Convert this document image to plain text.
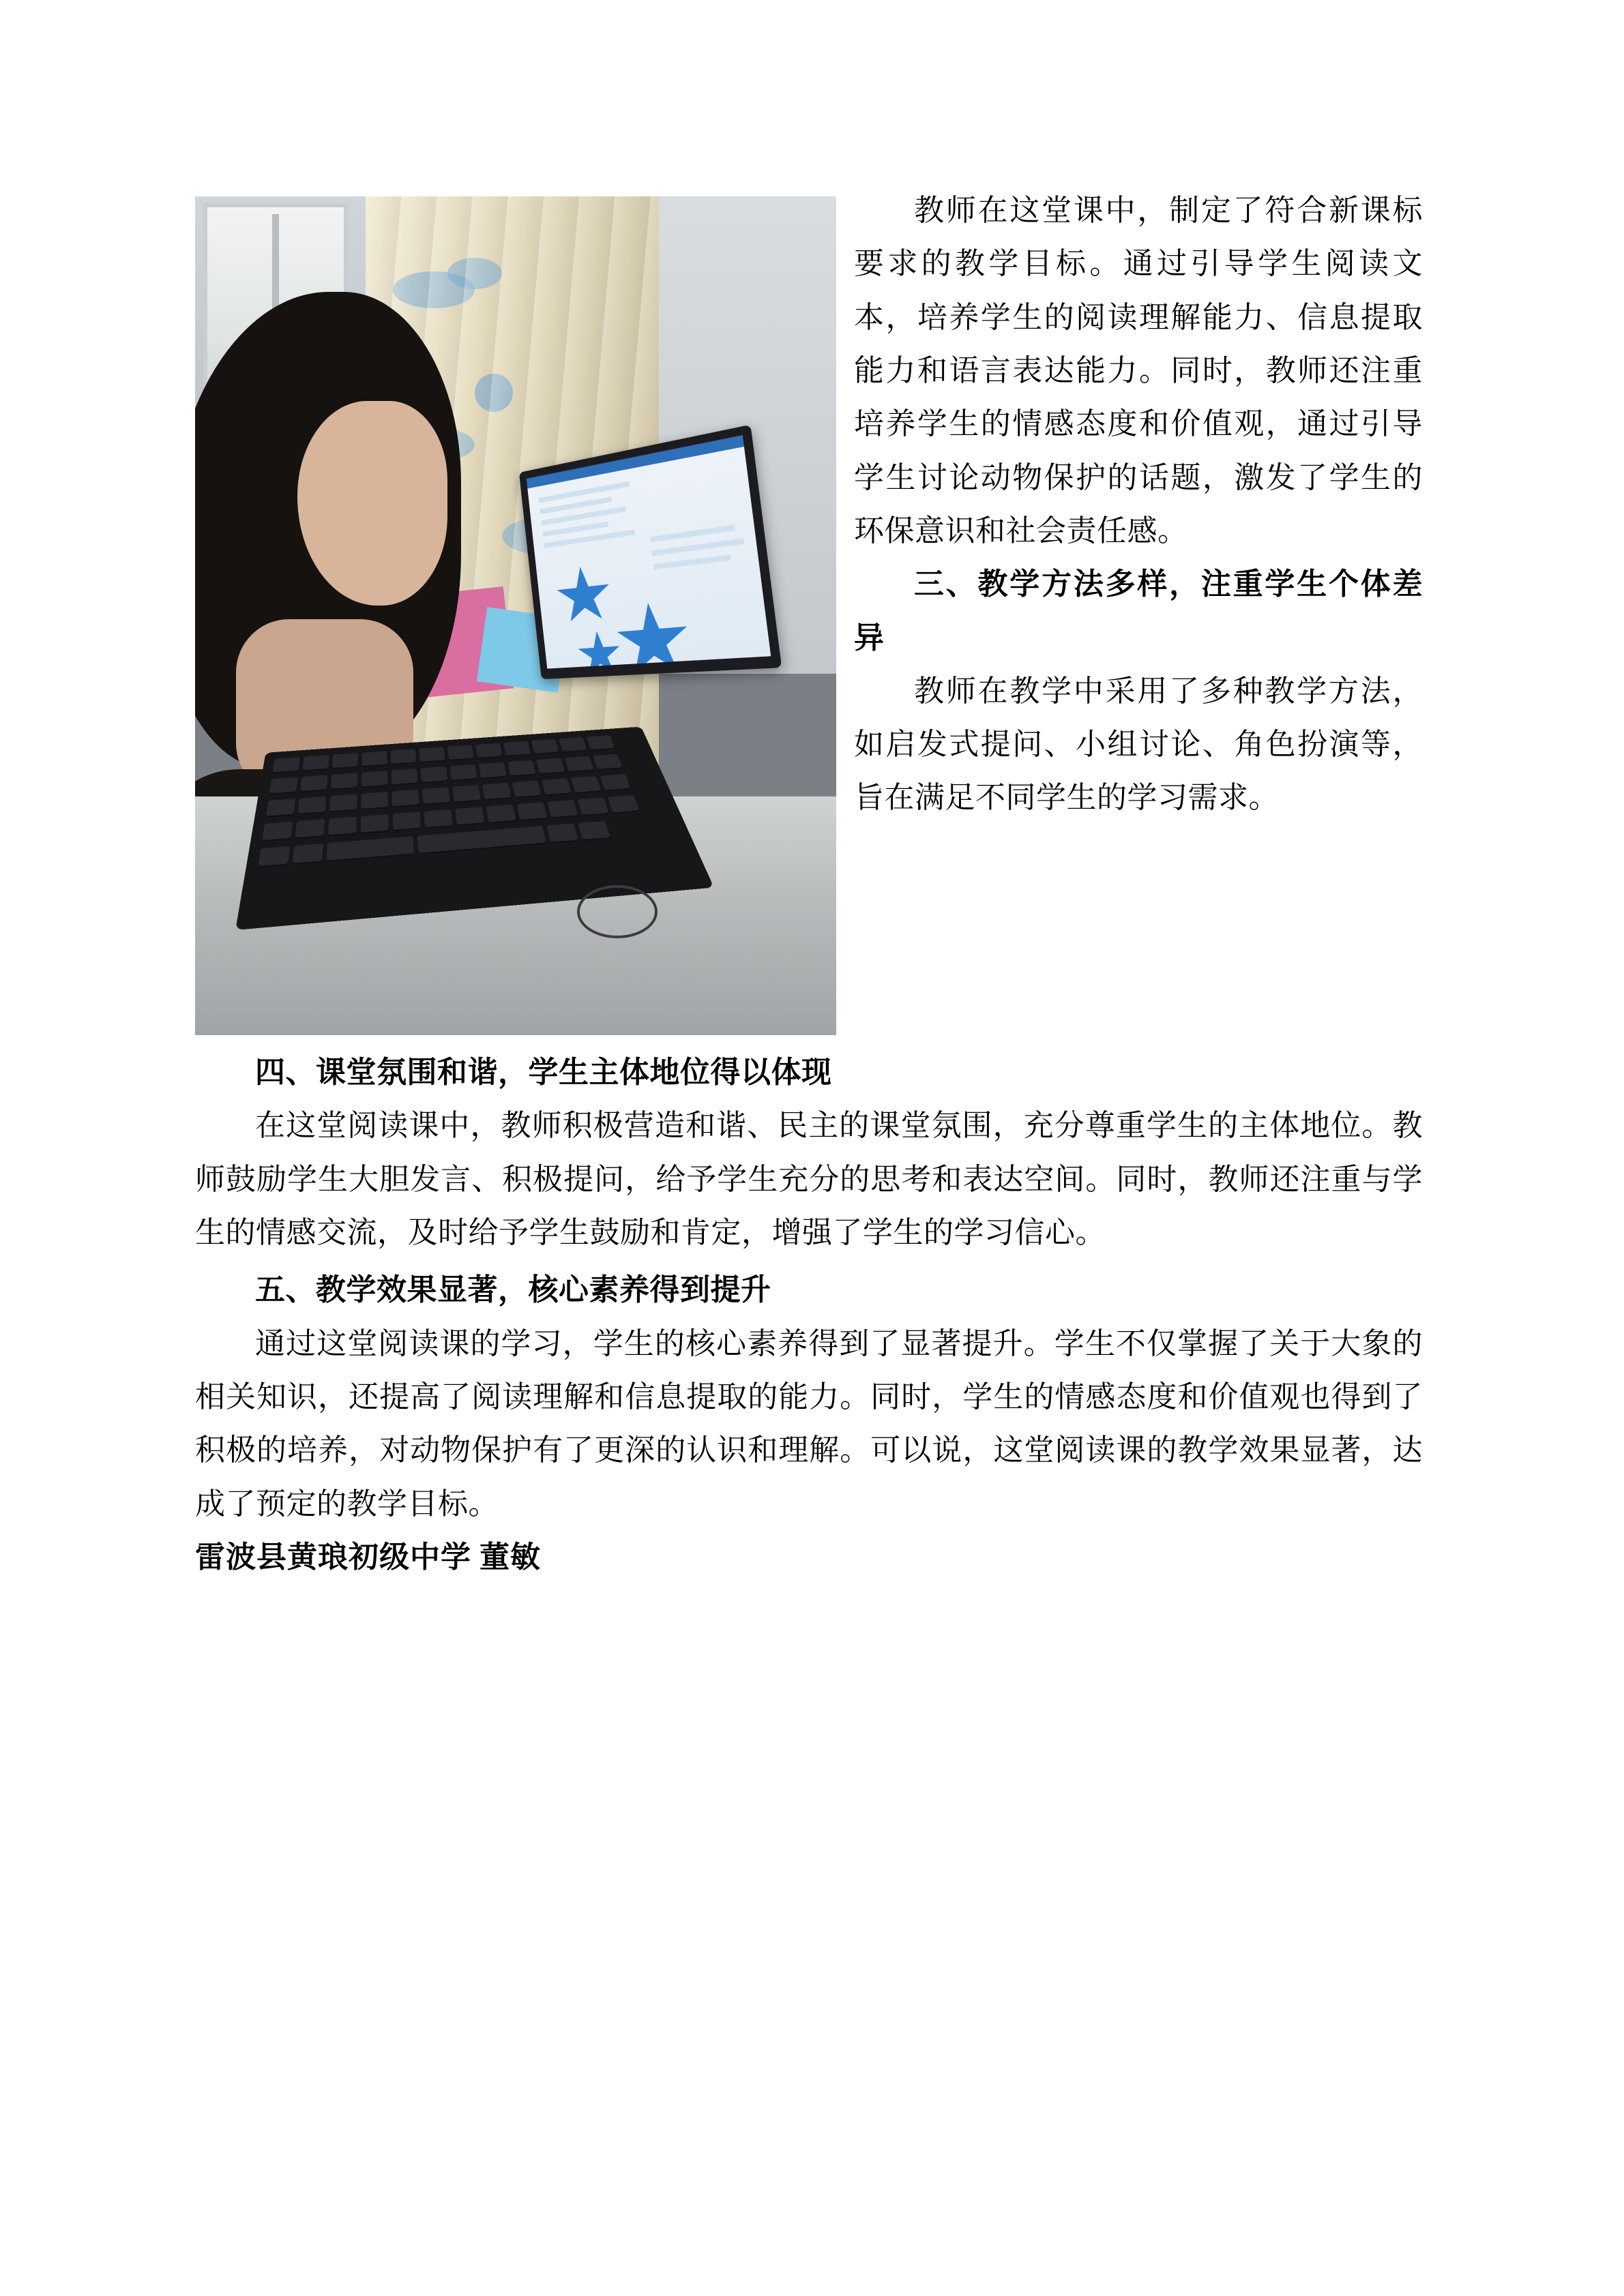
教师在这堂课中，制定了符合新课标要求的教学目标。通过引导学生阅读文本，培养学生的阅读理解能力、信息提取能力和语言表达能力。同时，教师还注重培养学生的情感态度和价值观，通过引导学生讨论动物保护的话题，激发了学生的环保意识和社会责任感。

三、教学方法多样，注重学生个体差异

教师在教学中采用了多种教学方法，如启发式提问、小组讨论、角色扮演等，旨在满足不同学生的学习需求。

四、课堂氛围和谐，学生主体地位得以体现

在这堂阅读课中，教师积极营造和谐、民主的课堂氛围，充分尊重学生的主体地位。教师鼓励学生大胆发言、积极提问，给予学生充分的思考和表达空间。同时，教师还注重与学生的情感交流，及时给予学生鼓励和肯定，增强了学生的学习信心。

五、教学效果显著，核心素养得到提升

通过这堂阅读课的学习，学生的核心素养得到了显著提升。学生不仅掌握了关于大象的相关知识，还提高了阅读理解和信息提取的能力。同时，学生的情感态度和价值观也得到了积极的培养，对动物保护有了更深的认识和理解。可以说，这堂阅读课的教学效果显著，达成了预定的教学目标。

雷波县黄琅初级中学 董敏
